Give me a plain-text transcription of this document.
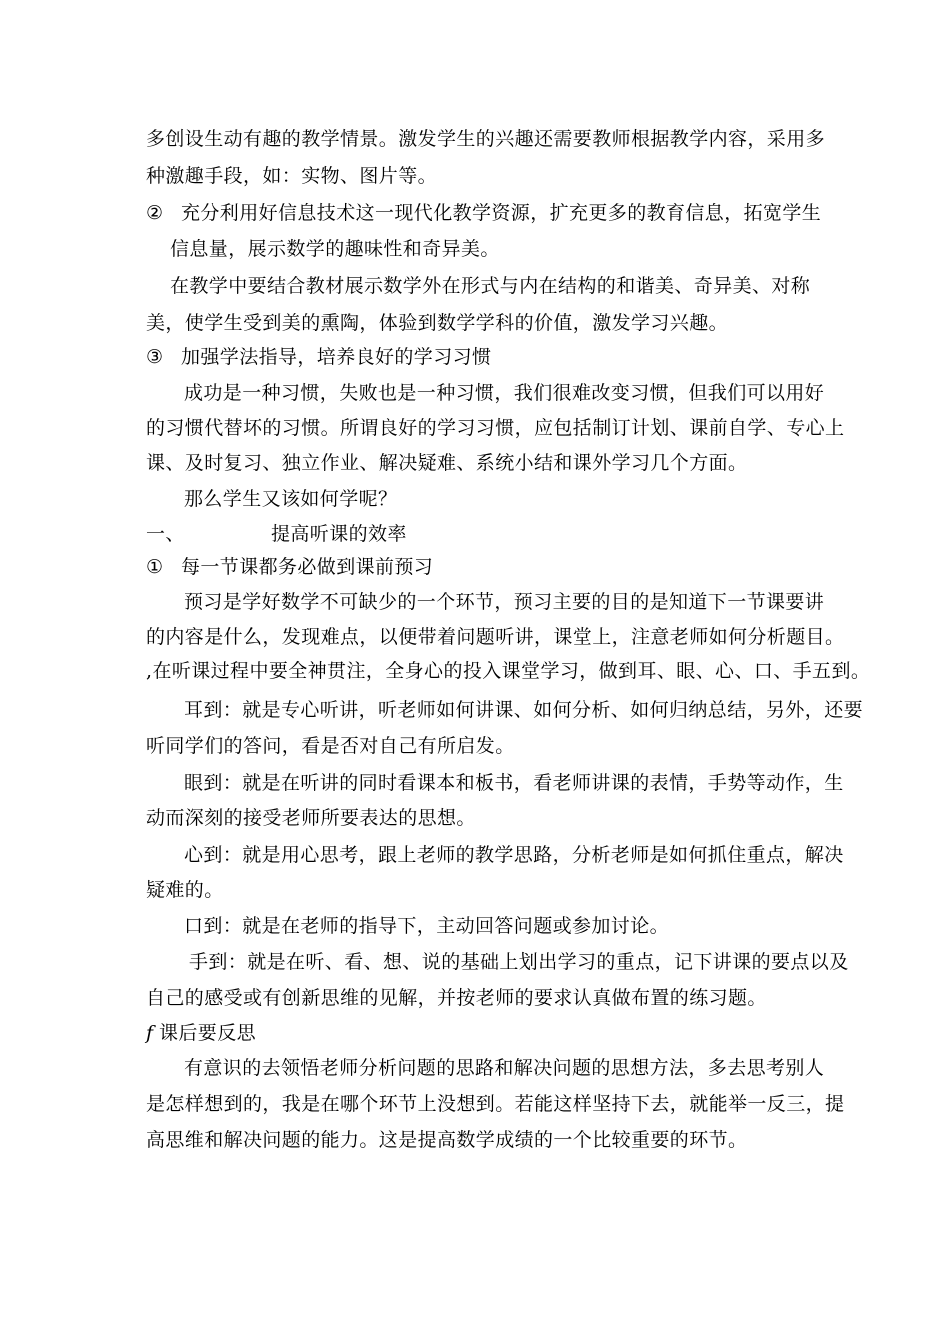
多创设生动有趣的教学情景。激发学生的兴趣还需要教师根据教学内容，采用多
种激趣手段，如：实物、图片等。
② 充分利用好信息技术这一现代化教学资源，扩充更多的教育信息，拓宽学生
信息量，展示数学的趣味性和奇异美。
在教学中要结合教材展示数学外在形式与内在结构的和谐美、奇异美、对称
美，使学生受到美的熏陶，体验到数学学科的价值，激发学习兴趣。
③ 加强学法指导，培养良好的学习习惯
成功是一种习惯，失败也是一种习惯，我们很难改变习惯，但我们可以用好
的习惯代替坏的习惯。所谓良好的学习习惯，应包括制订计划、课前自学、专心上
课、及时复习、独立作业、解决疑难、系统小结和课外学习几个方面。
那么学生又该如何学呢？
一、	提高听课的效率
① 每一节课都务必做到课前预习
预习是学好数学不可缺少的一个环节，预习主要的目的是知道下一节课要讲
的内容是什么，发现难点，以便带着问题听讲，课堂上，注意老师如何分析题目。
,在听课过程中要全神贯注，全身心的投入课堂学习，做到耳、眼、心、口、手五到。
耳到：就是专心听讲，听老师如何讲课、如何分析、如何归纳总结，另外，还要
听同学们的答问，看是否对自己有所启发。
眼到：就是在听讲的同时看课本和板书，看老师讲课的表情，手势等动作，生
动而深刻的接受老师所要表达的思想。
心到：就是用心思考，跟上老师的教学思路，分析老师是如何抓住重点，解决
疑难的。
口到：就是在老师的指导下，主动回答问题或参加讨论。
手到：就是在听、看、想、说的基础上划出学习的重点，记下讲课的要点以及
自己的感受或有创新思维的见解，并按老师的要求认真做布置的练习题。
f 课后要反思
有意识的去领悟老师分析问题的思路和解决问题的思想方法，多去思考别人
是怎样想到的，我是在哪个环节上没想到。若能这样坚持下去，就能举一反三，提
高思维和解决问题的能力。这是提高数学成绩的一个比较重要的环节。
